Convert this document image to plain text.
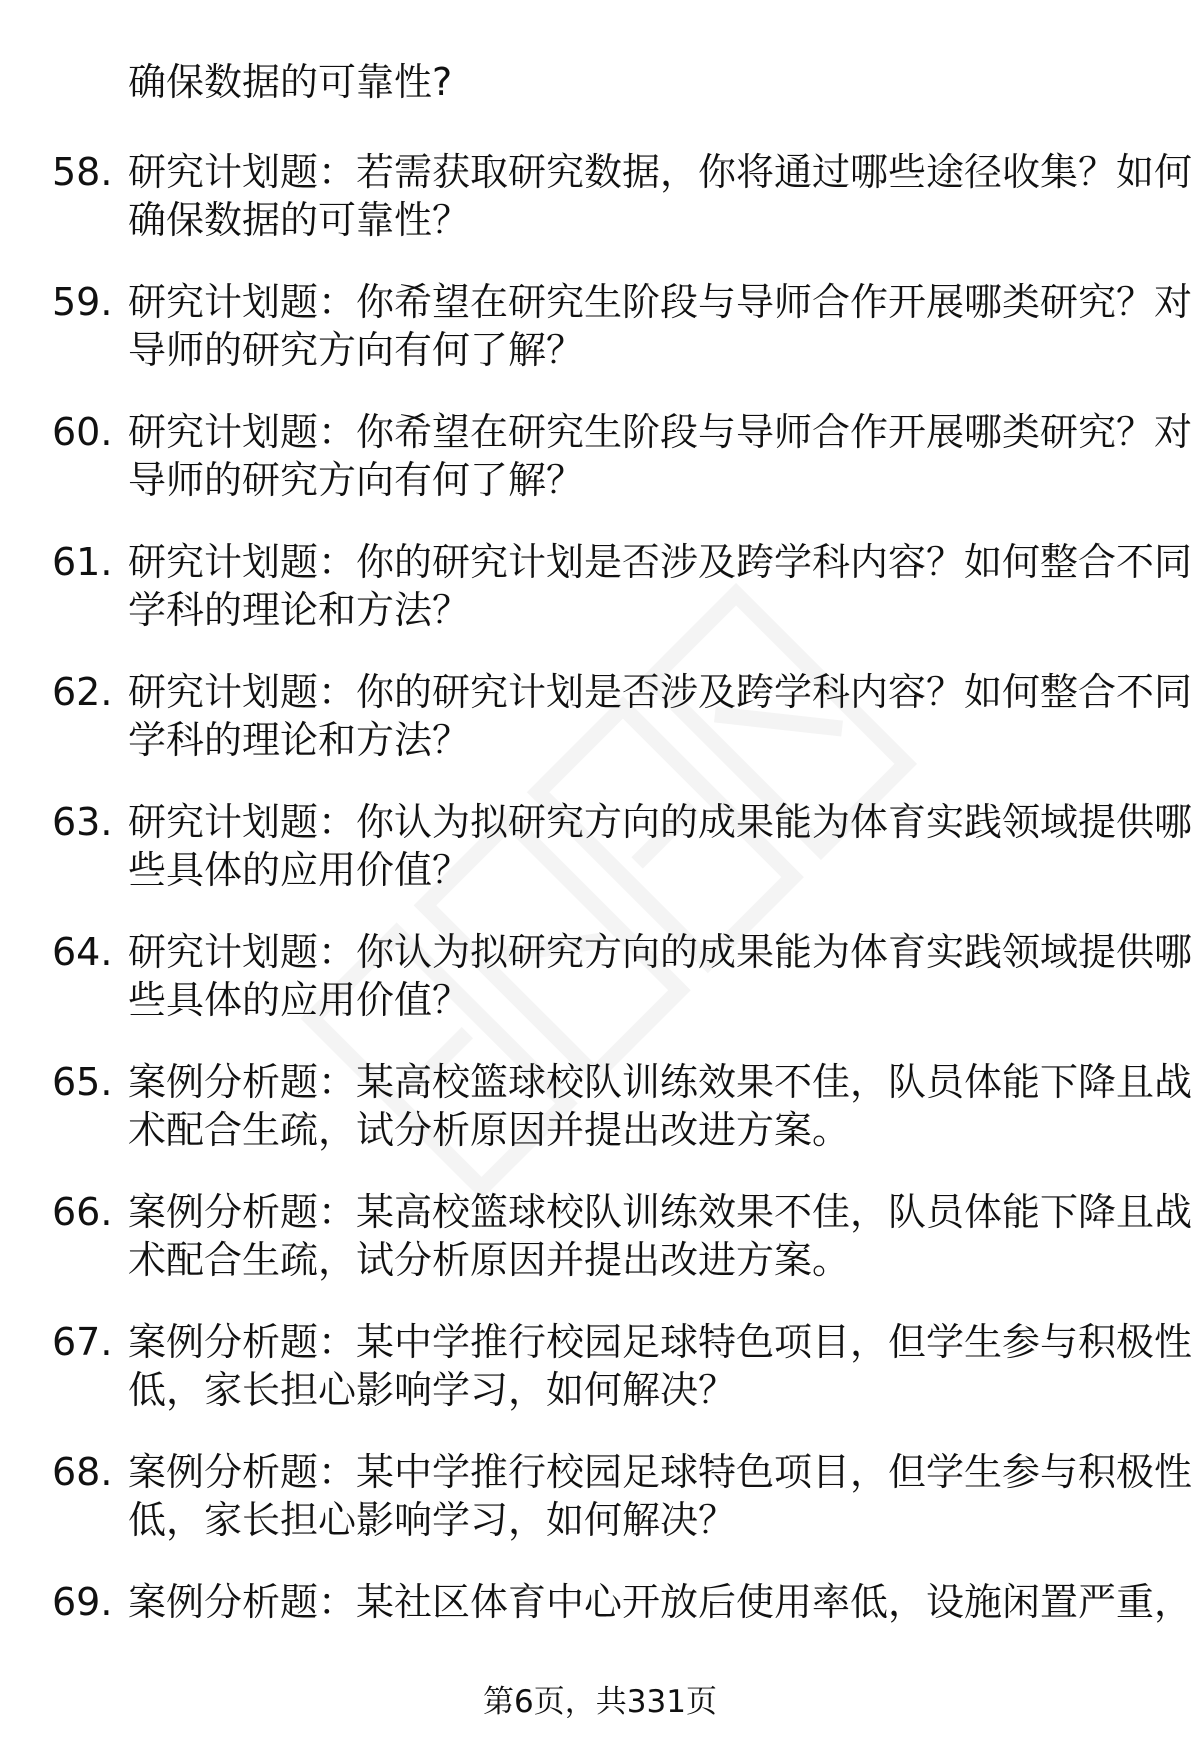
确保数据的可靠性?
58. 研究计划题：若需获取研究数据，你将通过哪些途径收集？如何
确保数据的可靠性？
59. 研究计划题：你希望在研究生阶段与导师合作开展哪类研究？对
导师的研究方向有何了解？
60. 研究计划题：你希望在研究生阶段与导师合作开展哪类研究？对
导师的研究方向有何了解？
61. 研究计划题：你的研究计划是否涉及跨学科内容？如何整合不同
学科的理论和方法？
62. 研究计划题：你的研究计划是否涉及跨学科内容？如何整合不同
学科的理论和方法？
63. 研究计划题：你认为拟研究方向的成果能为体育实践领域提供哪
些具体的应用价值？
64. 研究计划题：你认为拟研究方向的成果能为体育实践领域提供哪
些具体的应用价值？
65. 案例分析题：某高校篮球校队训练效果不佳，队员体能下降且战
术配合生疏，试分析原因并提出改进方案。
66. 案例分析题：某高校篮球校队训练效果不佳，队员体能下降且战
术配合生疏，试分析原因并提出改进方案。
67. 案例分析题：某中学推行校园足球特色项目，但学生参与积极性
低，家长担心影响学习，如何解决？
68. 案例分析题：某中学推行校园足球特色项目，但学生参与积极性
低，家长担心影响学习，如何解决？
69. 案例分析题：某社区体育中心开放后使用率低，设施闲置严重，
第6页，共331页
